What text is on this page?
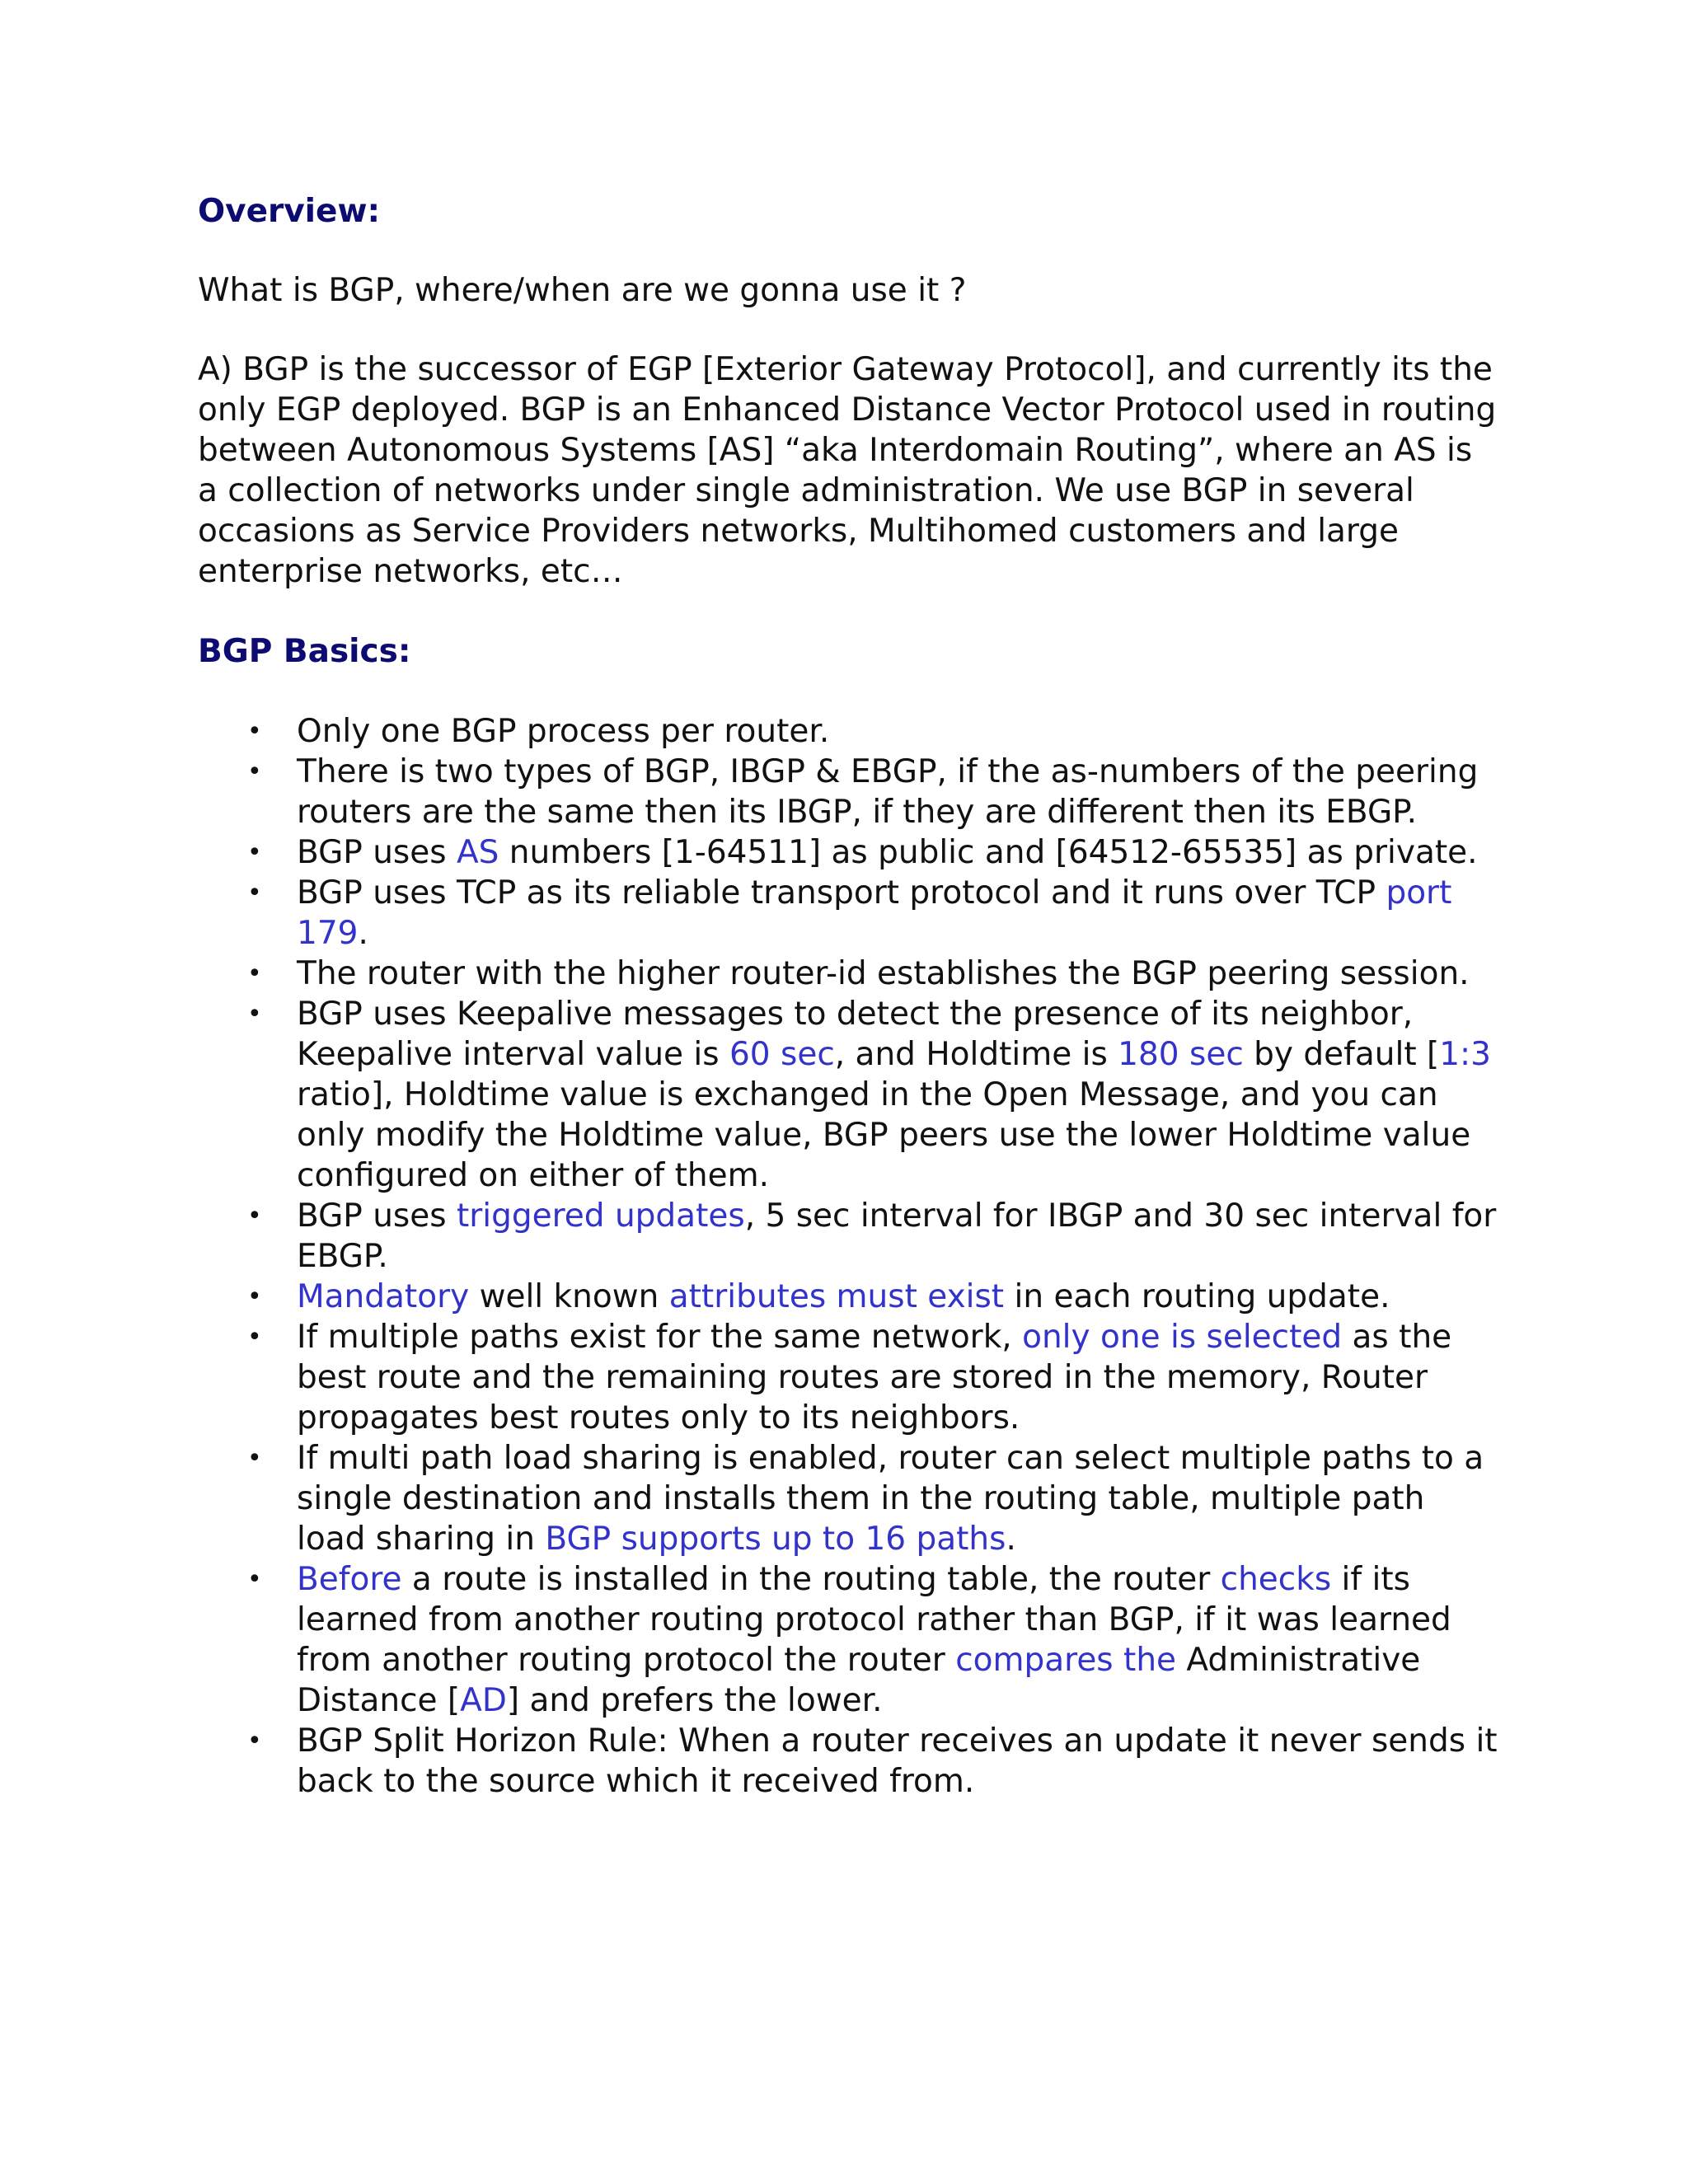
Overview:

What is BGP, where/when are we gonna use it ?

A) BGP is the successor of EGP [Exterior Gateway Protocol], and currently its the only EGP deployed. BGP is an Enhanced Distance Vector Protocol used in routing between Autonomous Systems [AS] “aka Interdomain Routing”, where an AS is a collection of networks under single administration. We use BGP in several occasions as Service Providers networks, Multihomed customers and large enterprise networks, etc…

BGP Basics:
• Only one BGP process per router.
• There is two types of BGP, IBGP & EBGP, if the as-numbers of the peering routers are the same then its IBGP, if they are different then its EBGP.
• BGP uses AS numbers [1-64511] as public and [64512-65535] as private.
• BGP uses TCP as its reliable transport protocol and it runs over TCP port 179.
• The router with the higher router-id establishes the BGP peering session.
• BGP uses Keepalive messages to detect the presence of its neighbor, Keepalive interval value is 60 sec, and Holdtime is 180 sec by default [1:3 ratio], Holdtime value is exchanged in the Open Message, and you can only modify the Holdtime value, BGP peers use the lower Holdtime value configured on either of them.
• BGP uses triggered updates, 5 sec interval for IBGP and 30 sec interval for EBGP.
• Mandatory well known attributes must exist in each routing update.
• If multiple paths exist for the same network, only one is selected as the best route and the remaining routes are stored in the memory, Router propagates best routes only to its neighbors.
• If multi path load sharing is enabled, router can select multiple paths to a single destination and installs them in the routing table, multiple path load sharing in BGP supports up to 16 paths.
• Before a route is installed in the routing table, the router checks if its learned from another routing protocol rather than BGP, if it was learned from another routing protocol the router compares the Administrative Distance [AD] and prefers the lower.
• BGP Split Horizon Rule: When a router receives an update it never sends it back to the source which it received from.
